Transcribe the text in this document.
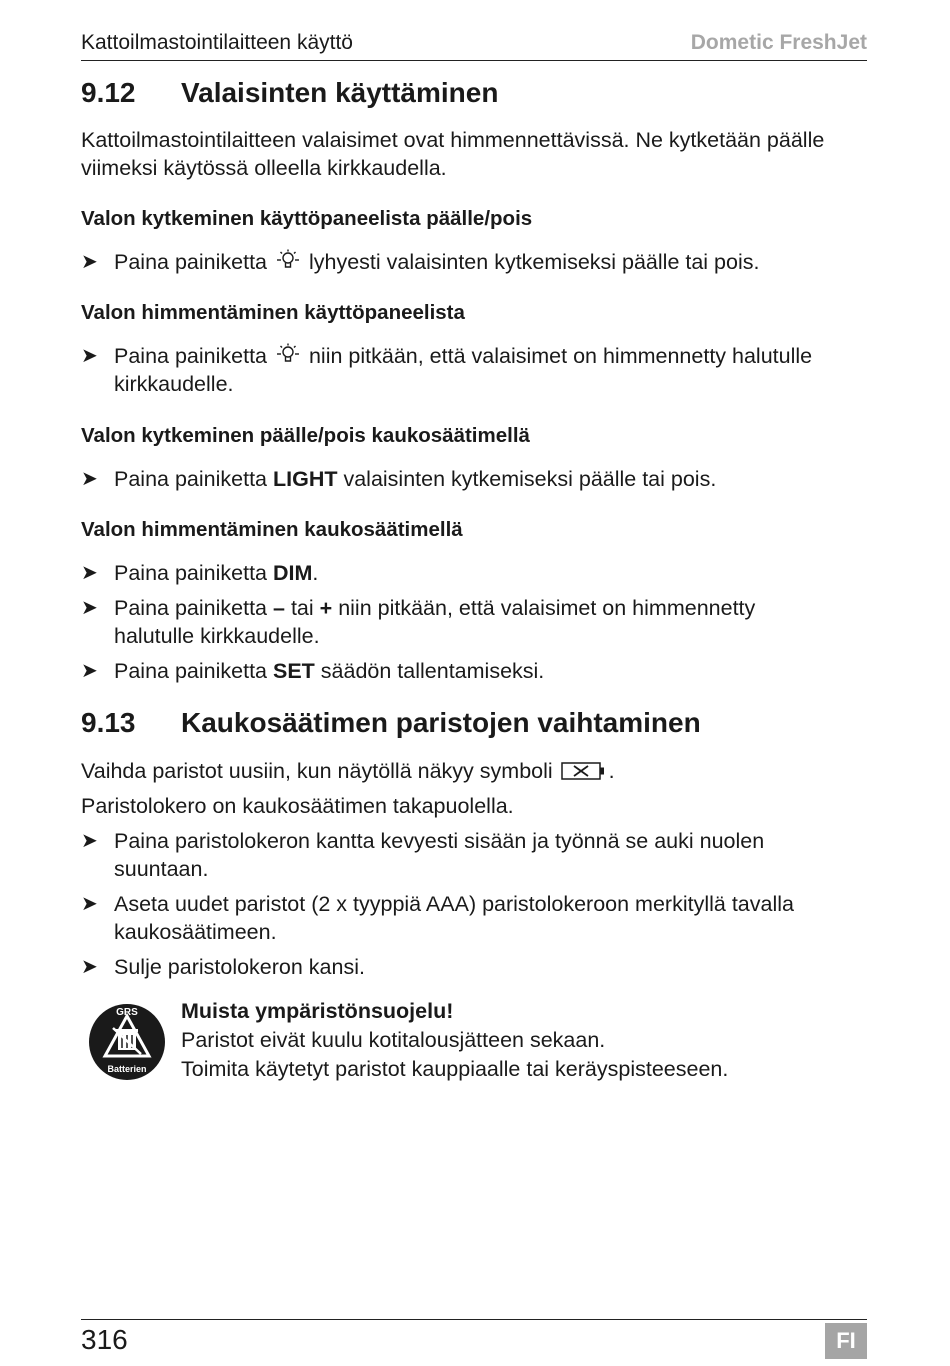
Kattoilmastointilaitteen käyttö	Dometic FreshJet
9.12 Valaisinten käyttäminen
Kattoilmastointilaitteen valaisimet ovat himmennettävissä. Ne kytketään päälle viimeksi käytössä olleella kirkkaudella.
Valon kytkeminen käyttöpaneelista päälle/pois
➤ Paina painiketta lyhyesti valaisinten kytkemiseksi päälle tai pois.
Valon himmentäminen käyttöpaneelista
➤ Paina painiketta niin pitkään, että valaisimet on himmennetty halutulle
kirkkaudelle.
Valon kytkeminen päälle/pois kaukosäätimellä
➤ Paina painiketta LIGHT valaisinten kytkemiseksi päälle tai pois.
Valon himmentäminen kaukosäätimellä
➤ Paina painiketta DIM.
➤ Paina painiketta – tai + niin pitkään, että valaisimet on himmennetty
halutulle kirkkaudelle.
➤ Paina painiketta SET säädön tallentamiseksi.
9.13 Kaukosäätimen paristojen vaihtaminen
Vaihda paristot uusiin, kun näytöllä näkyy symboli	.
Paristolokero on kaukosäätimen takapuolella.
➤ Paina paristolokeron kantta kevyesti sisään ja työnnä se auki nuolen
suuntaan.
➤ Aseta uudet paristot (2 x tyyppiä AAA) paristolokeroon merkityllä tavalla
kaukosäätimeen.
➤ Sulje paristolokeron kansi.
GRS
Batterien
Muista ympäristönsuojelu!
Paristot eivät kuulu kotitalousjätteen sekaan.
Toimita käytetyt paristot kauppiaalle tai keräyspisteeseen.
316	FI
